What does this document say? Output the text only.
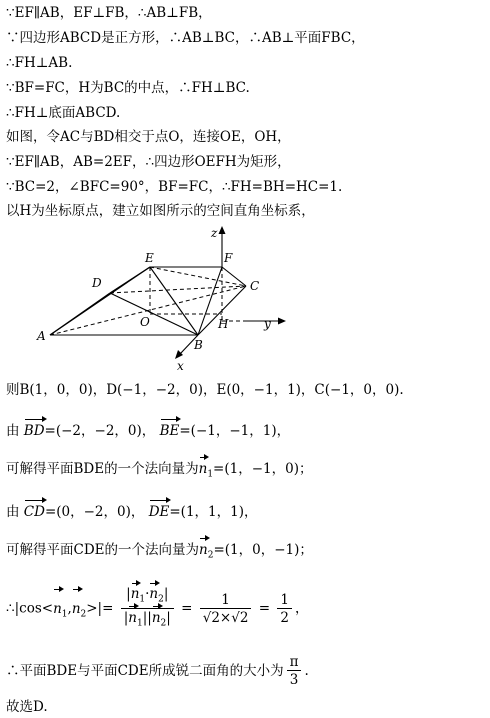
∵EF∥AB，EF⊥FB，∴AB⊥FB，
∵四边形ABCD是正方形，∴AB⊥BC，∴AB⊥平面FBC，
∴FH⊥AB.
∵BF=FC，H为BC的中点，∴FH⊥BC.
∴FH⊥底面ABCD.
如图，令AC与BD相交于点O，连接OE，OH，
∵EF∥AB，AB=2EF，∴四边形OEFH为矩形，
∵BC=2，∠BFC=90°，BF=FC，∴FH=BH=HC=1.
以H为坐标原点，建立如图所示的空间直角坐标系，
z
E	F
D	C
O	H	y
A
B
x
则B(1，0，0)，D(−1，−2，0)，E(0，−1，1)，C(−1，0，0).
由 BD=(−2，−2，0)， BE=(−1，−1，1)，
可解得平面BDE的一个法向量为$n_1=(1$，−1，0)；
由 CD=(0，−2，0)， DE=(1，1，1)，
可解得平面CDE的一个法向量为$n_2=(1$，0，−1)；
$\therefore|\cos<n_1,n_2>|= \frac{|n_1\cdot n_2|}{|n_1||n_2|} = \frac{1}{√2\times√2} = \frac{1}{2}$ ，
∴平面BDE与平面CDE所成锐二面角的大小为 $\frac{\pi}{3}$ .
故选D.
